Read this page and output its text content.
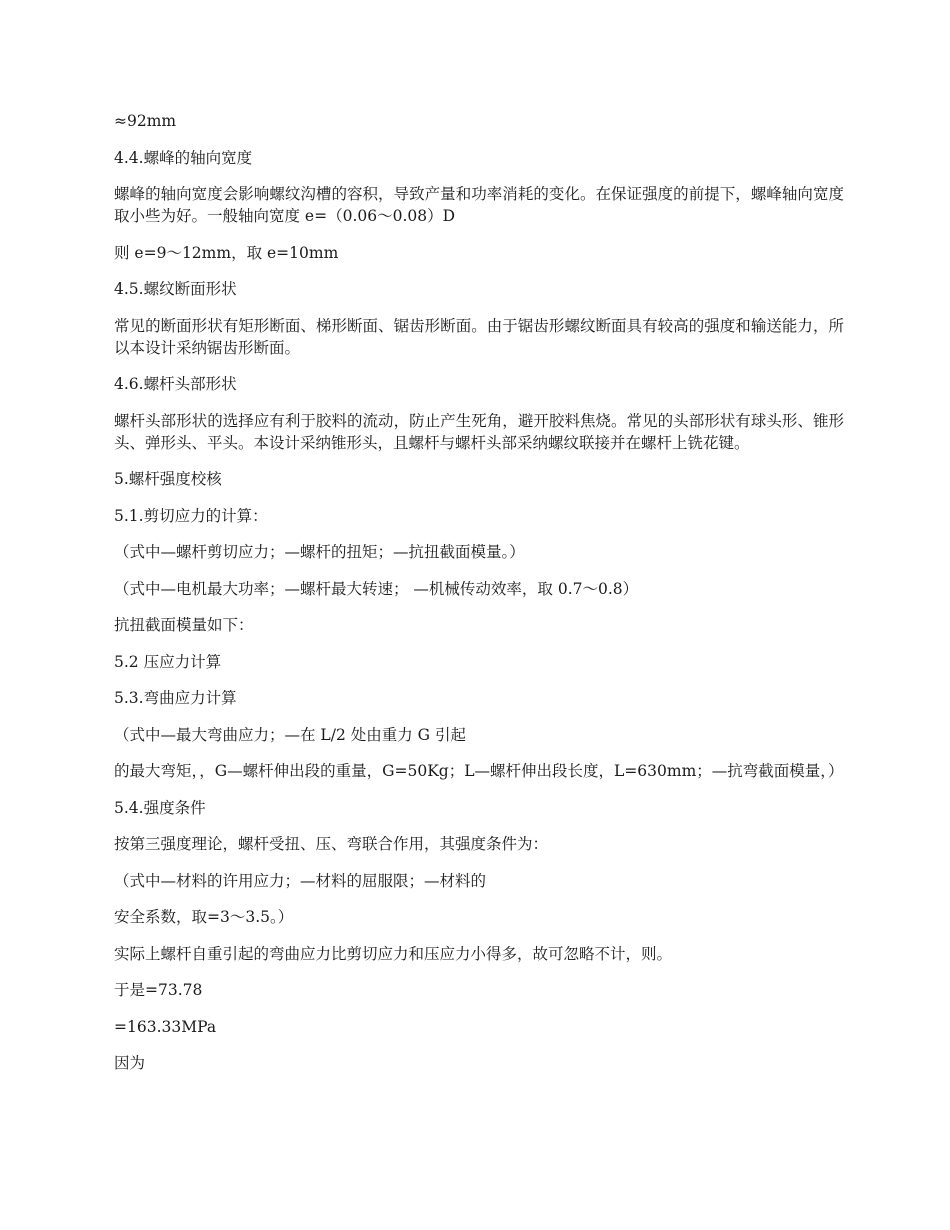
≈92mm

4.4.螺峰的轴向宽度

螺峰的轴向宽度会影响螺纹沟槽的容积，导致产量和功率消耗的变化。在保证强度的前提下，螺峰轴向宽度取小些为好。一般轴向宽度 e=（0.06～0.08）D

则 e=9～12mm，取 e=10mm

4.5.螺纹断面形状

常见的断面形状有矩形断面、梯形断面、锯齿形断面。由于锯齿形螺纹断面具有较高的强度和输送能力，所以本设计采纳锯齿形断面。

4.6.螺杆头部形状

螺杆头部形状的选择应有利于胶料的流动，防止产生死角，避开胶料焦烧。常见的头部形状有球头形、锥形头、弹形头、平头。本设计采纳锥形头，且螺杆与螺杆头部采纳螺纹联接并在螺杆上铣花键。

5.螺杆强度校核

5.1.剪切应力的计算：

（式中—螺杆剪切应力；—螺杆的扭矩；—抗扭截面模量。）

（式中—电机最大功率；—螺杆最大转速； —机械传动效率，取 0.7～0.8）

抗扭截面模量如下：

5.2 压应力计算

5.3.弯曲应力计算

（式中—最大弯曲应力；—在 L/2 处由重力 G 引起

的最大弯矩，，G—螺杆伸出段的重量，G=50Kg；L—螺杆伸出段长度，L=630mm；—抗弯截面模量，）

5.4.强度条件

按第三强度理论，螺杆受扭、压、弯联合作用，其强度条件为：

（式中—材料的许用应力；—材料的屈服限；—材料的

安全系数，取=3～3.5。）

实际上螺杆自重引起的弯曲应力比剪切应力和压应力小得多，故可忽略不计，则。

于是=73.78

=163.33MPa

因为
